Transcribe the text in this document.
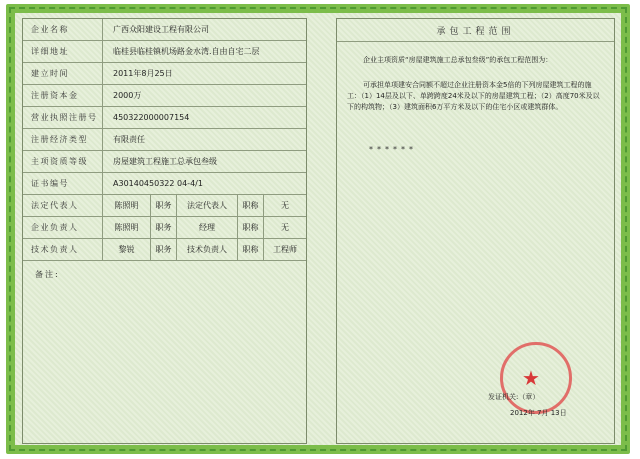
企业名称	广西众阳建设工程有限公司
详细地址	临桂县临桂镇机场路金水湾.自由自宅二层
建立时间	2011年8月25日
注册资本金	2000万
营业执照注册号	450322000007154
注册经济类型	有限责任
主项资质等级	房屋建筑工程施工总承包叁级
证书编号	A30140450322 04-4/1
法定代表人	陈照明	职务	法定代表人	职称	无
企业负责人	陈照明	职务	经理	职称	无
技术负责人	黎锐	职务	技术负责人	职称	工程师
备注:
承包工程范围
企业主项资质“房屋建筑施工总承包叁级”的承包工程范围为：
可承担单项建安合同额不超过企业注册资本金5倍的下列房屋建筑工程的施工：（1）14层及以下、单跨跨度24米及以下的房屋建筑工程；（2）高度70米及以下的构筑物；（3）建筑面积6万平方米及以下的住宅小区或建筑群体。
******
★
发证机关:（章）
2012年 7月 13日
